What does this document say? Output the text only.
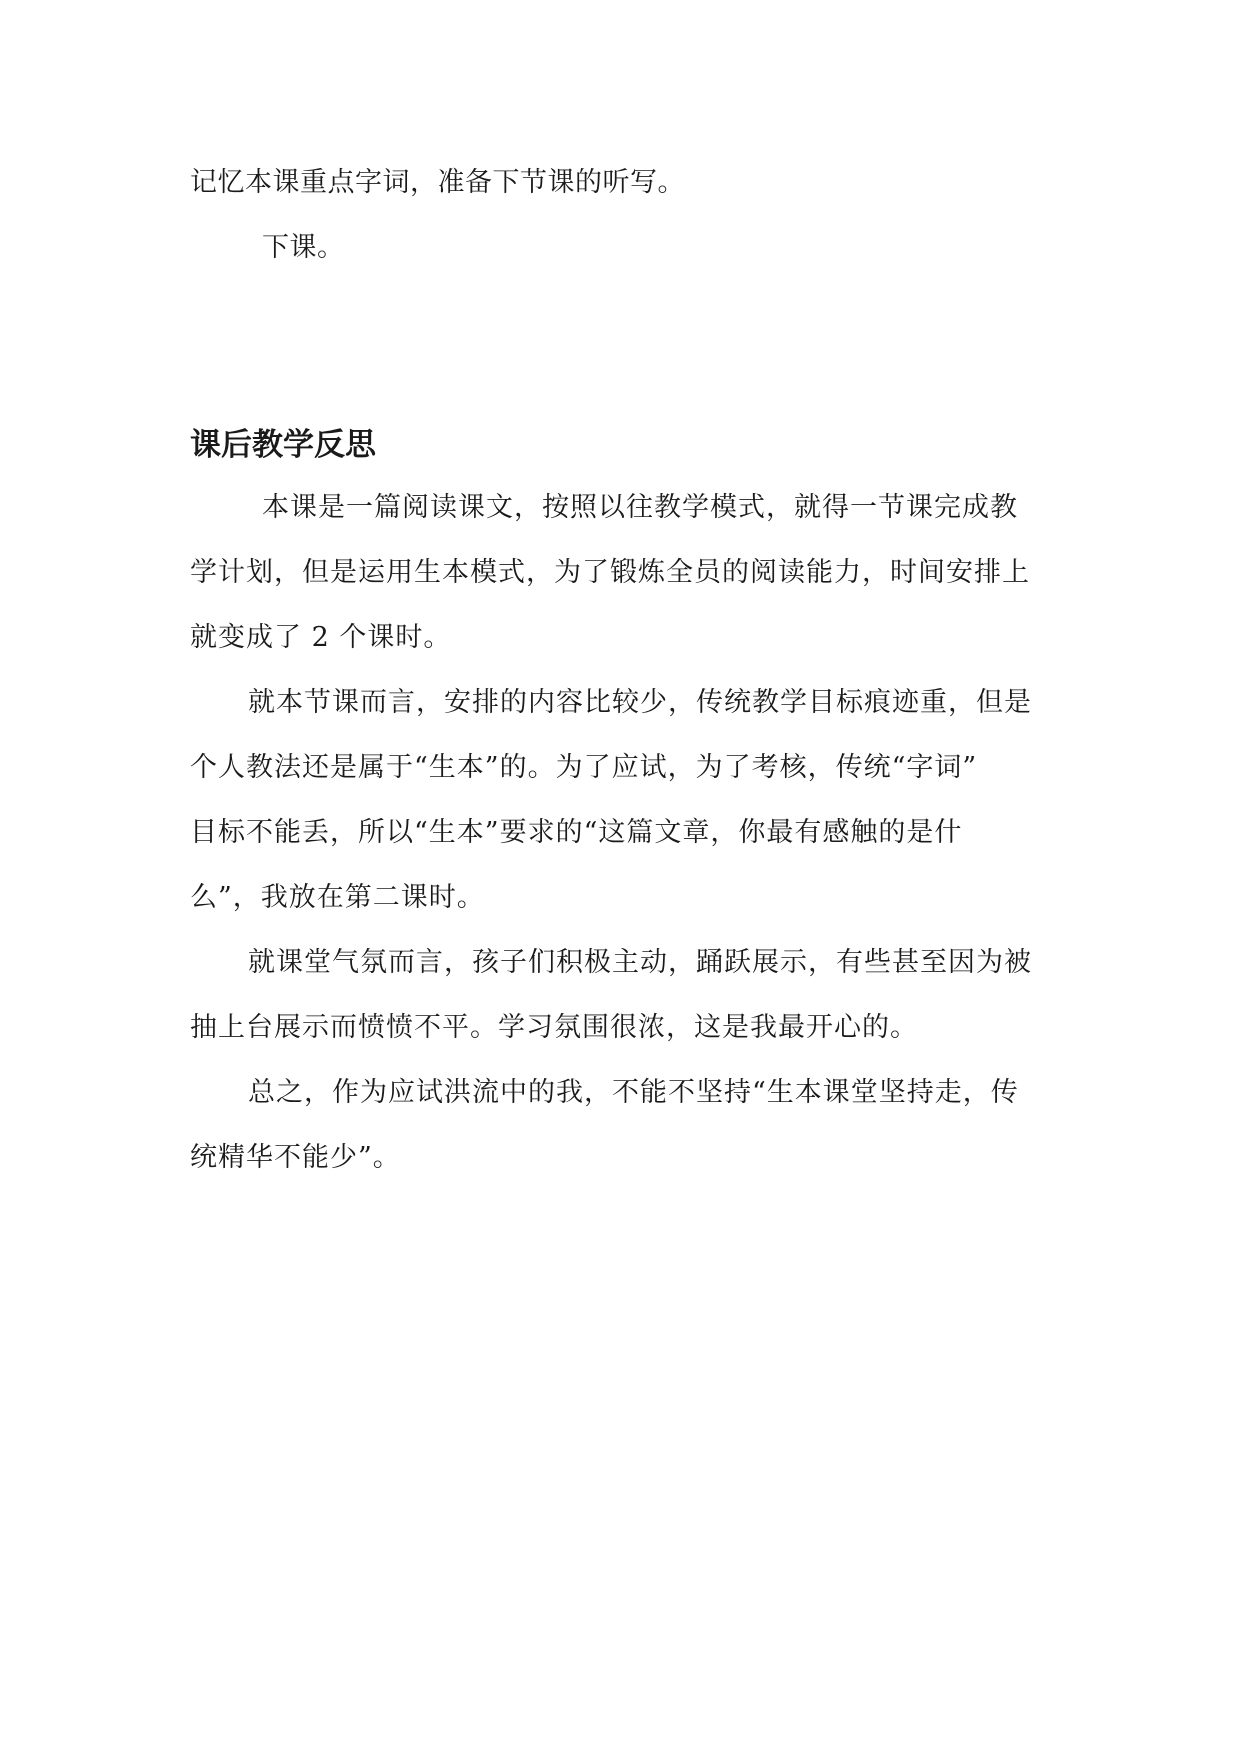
记忆本课重点字词，准备下节课的听写。
下课。
课后教学反思
本课是一篇阅读课文，按照以往教学模式，就得一节课完成教
学计划，但是运用生本模式，为了锻炼全员的阅读能力，时间安排上
就变成了 2 个课时。
就本节课而言，安排的内容比较少，传统教学目标痕迹重，但是
个人教法还是属于“生本”的。为了应试，为了考核，传统“字词”
目标不能丢，所以“生本”要求的“这篇文章，你最有感触的是什
么”，我放在第二课时。
就课堂气氛而言，孩子们积极主动，踊跃展示，有些甚至因为被
抽上台展示而愤愤不平。学习氛围很浓，这是我最开心的。
总之，作为应试洪流中的我，不能不坚持“生本课堂坚持走，传
统精华不能少”。
